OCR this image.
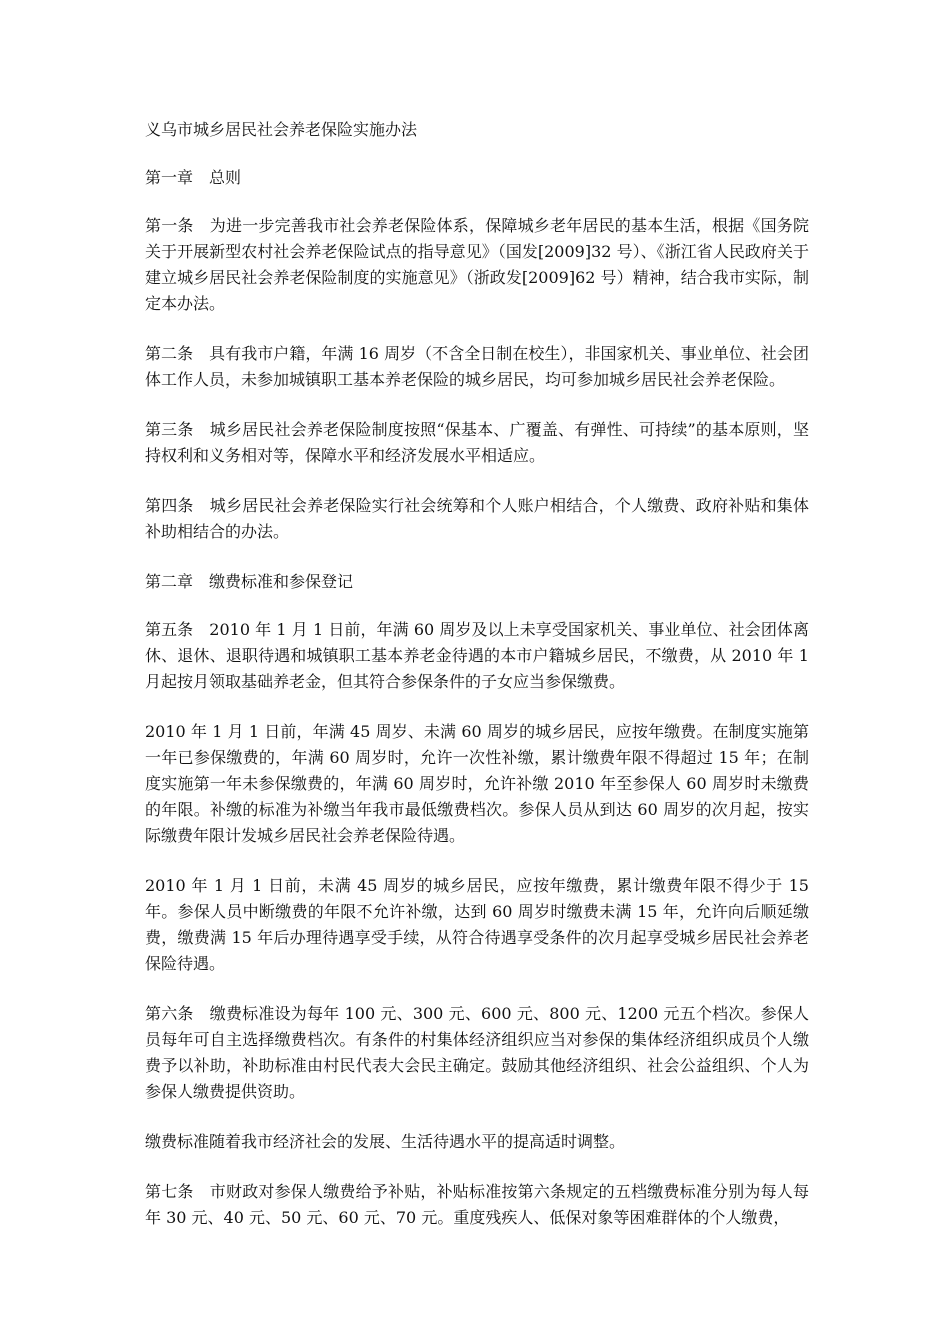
义乌市城乡居民社会养老保险实施办法

第一章　总则

第一条　为进一步完善我市社会养老保险体系，保障城乡老年居民的基本生活，根据《国务院关于开展新型农村社会养老保险试点的指导意见》（国发[2009]32 号）、《浙江省人民政府关于建立城乡居民社会养老保险制度的实施意见》（浙政发[2009]62 号）精神，结合我市实际，制定本办法。

第二条　具有我市户籍，年满 16 周岁（不含全日制在校生），非国家机关、事业单位、社会团体工作人员，未参加城镇职工基本养老保险的城乡居民，均可参加城乡居民社会养老保险。

第三条　城乡居民社会养老保险制度按照“保基本、广覆盖、有弹性、可持续”的基本原则，坚持权利和义务相对等，保障水平和经济发展水平相适应。

第四条　城乡居民社会养老保险实行社会统筹和个人账户相结合，个人缴费、政府补贴和集体补助相结合的办法。

第二章　缴费标准和参保登记

第五条　2010 年 1 月 1 日前，年满 60 周岁及以上未享受国家机关、事业单位、社会团体离休、退休、退职待遇和城镇职工基本养老金待遇的本市户籍城乡居民，不缴费，从 2010 年 1 月起按月领取基础养老金，但其符合参保条件的子女应当参保缴费。

2010 年 1 月 1 日前，年满 45 周岁、未满 60 周岁的城乡居民，应按年缴费。在制度实施第一年已参保缴费的，年满 60 周岁时，允许一次性补缴，累计缴费年限不得超过 15 年；在制度实施第一年未参保缴费的，年满 60 周岁时，允许补缴 2010 年至参保人 60 周岁时未缴费的年限。补缴的标准为补缴当年我市最低缴费档次。参保人员从到达 60 周岁的次月起，按实际缴费年限计发城乡居民社会养老保险待遇。

2010 年 1 月 1 日前，未满 45 周岁的城乡居民，应按年缴费，累计缴费年限不得少于 15 年。参保人员中断缴费的年限不允许补缴，达到 60 周岁时缴费未满 15 年，允许向后顺延缴费，缴费满 15 年后办理待遇享受手续，从符合待遇享受条件的次月起享受城乡居民社会养老保险待遇。

第六条　缴费标准设为每年 100 元、300 元、600 元、800 元、1200 元五个档次。参保人员每年可自主选择缴费档次。有条件的村集体经济组织应当对参保的集体经济组织成员个人缴费予以补助，补助标准由村民代表大会民主确定。鼓励其他经济组织、社会公益组织、个人为参保人缴费提供资助。

缴费标准随着我市经济社会的发展、生活待遇水平的提高适时调整。

第七条　市财政对参保人缴费给予补贴，补贴标准按第六条规定的五档缴费标准分别为每人每年 30 元、40 元、50 元、60 元、70 元。重度残疾人、低保对象等困难群体的个人缴费，
